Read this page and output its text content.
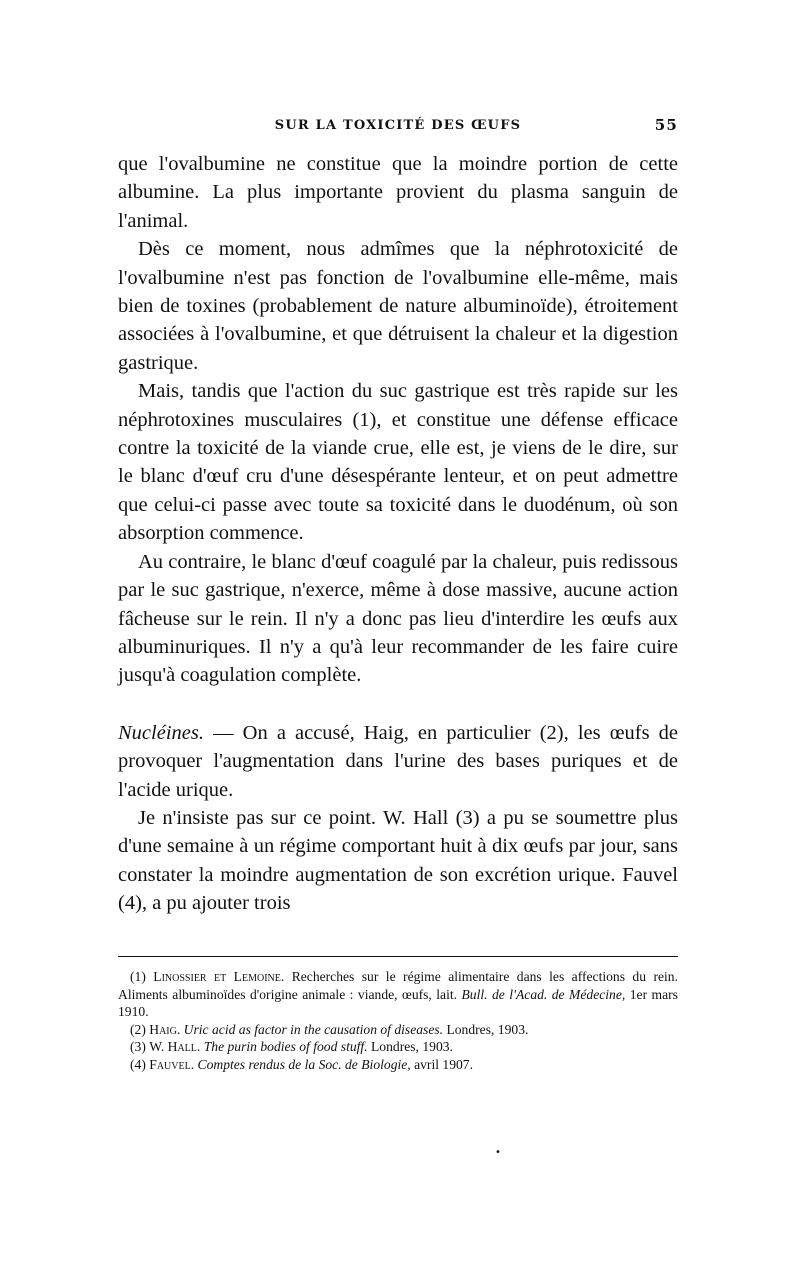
SUR LA TOXICITÉ DES ŒUFS	55

que l'ovalbumine ne constitue que la moindre portion de cette albumine. La plus importante provient du plasma sanguin de l'animal.

Dès ce moment, nous admîmes que la néphrotoxicité de l'ovalbumine n'est pas fonction de l'ovalbumine elle-même, mais bien de toxines (probablement de nature albuminoïde), étroitement associées à l'ovalbumine, et que détruisent la chaleur et la digestion gastrique.

Mais, tandis que l'action du suc gastrique est très rapide sur les néphrotoxines musculaires (1), et constitue une défense efficace contre la toxicité de la viande crue, elle est, je viens de le dire, sur le blanc d'œuf cru d'une désespérante lenteur, et on peut admettre que celui-ci passe avec toute sa toxicité dans le duodénum, où son absorption commence.

Au contraire, le blanc d'œuf coagulé par la chaleur, puis redissous par le suc gastrique, n'exerce, même à dose massive, aucune action fâcheuse sur le rein. Il n'y a donc pas lieu d'interdire les œufs aux albuminuriques. Il n'y a qu'à leur recommander de les faire cuire jusqu'à coagulation complète.

Nucléines. — On a accusé, Haig, en particulier (2), les œufs de provoquer l'augmentation dans l'urine des bases puriques et de l'acide urique.

Je n'insiste pas sur ce point. W. Hall (3) a pu se soumettre plus d'une semaine à un régime comportant huit à dix œufs par jour, sans constater la moindre augmentation de son excrétion urique. Fauvel (4), a pu ajouter trois

(1) Linossier et Lemoine. Recherches sur le régime alimentaire dans les affections du rein. Aliments albuminoïdes d'origine animale : viande, œufs, lait. Bull. de l'Acad. de Médecine, 1er mars 1910.

(2) Haig. Uric acid as factor in the causation of diseases. Londres, 1903.

(3) W. Hall. The purin bodies of food stuff. Londres, 1903.

(4) Fauvel. Comptes rendus de la Soc. de Biologie, avril 1907.

•
